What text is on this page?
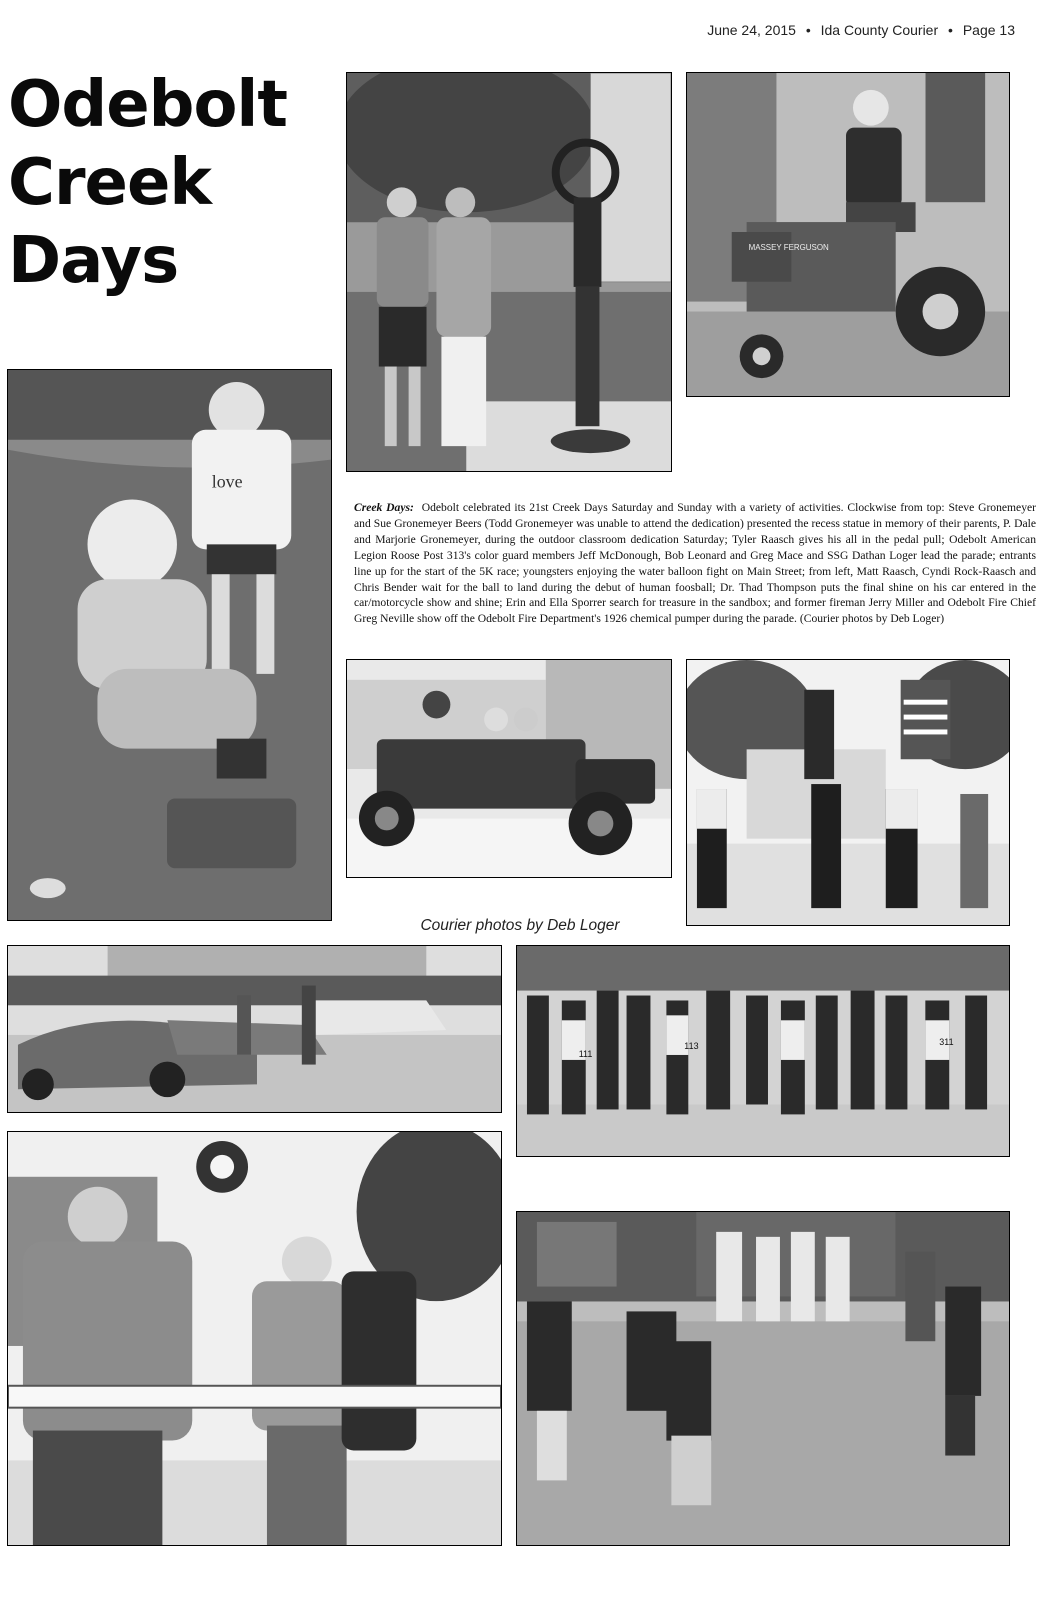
June 24, 2015 • Ida County Courier • Page 13
Odebolt
Creek
Days	MASSEY FERGUSON
love
111
113	311
Creek Days: Odebolt celebrated its 21st Creek Days Saturday and Sunday with a variety of activities. Clockwise from top: Steve Gronemeyer and Sue Gronemeyer Beers (Todd Gronemeyer was unable to attend the dedication) presented the recess statue in memory of their parents, P. Dale and Marjorie Gronemeyer, during the outdoor classroom dedication Saturday; Tyler Raasch gives his all in the pedal pull; Odebolt American Legion Roose Post 313's color guard members Jeff McDonough, Bob Leonard and Greg Mace and SSG Dathan Loger lead the parade; entrants line up for the start of the 5K race; youngsters enjoying the water balloon fight on Main Street; from left, Matt Raasch, Cyndi Rock-Raasch and Chris Bender wait for the ball to land during the debut of human foosball; Dr. Thad Thompson puts the final shine on his car entered in the car/motorcycle show and shine; Erin and Ella Sporrer search for treasure in the sandbox; and former fireman Jerry Miller and Odebolt Fire Chief Greg Neville show off the Odebolt Fire Department's 1926 chemical pumper during the parade. (Courier photos by Deb Loger)
Courier photos by Deb Loger
